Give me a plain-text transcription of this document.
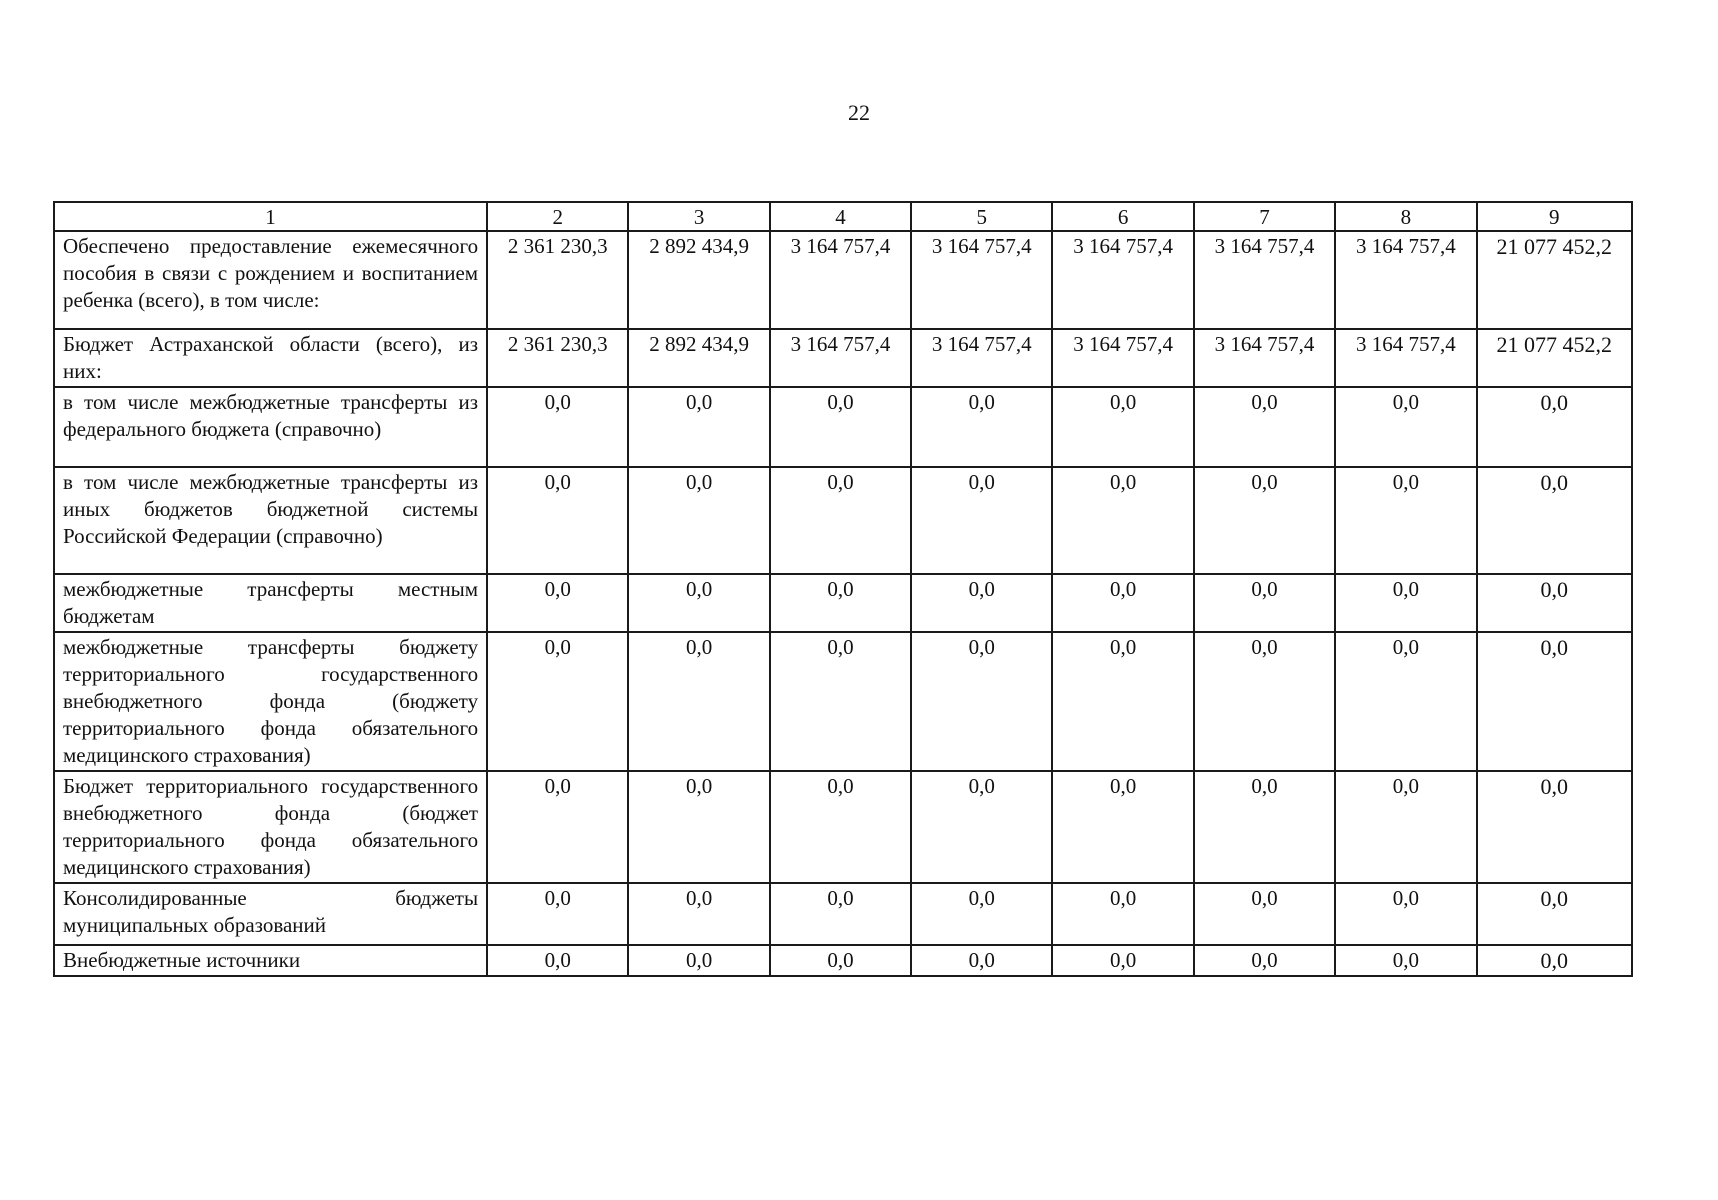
22
1	2	3	4	5	6	7	8	9
Обеспечено предоставление ежемесячного пособия в связи с рождением и воспитанием ребенка (всего), в том числе:	2 361 230,3	2 892 434,9	3 164 757,4	3 164 757,4	3 164 757,4	3 164 757,4	3 164 757,4	21 077 452,2
Бюджет Астраханской области (всего), из них:	2 361 230,3	2 892 434,9	3 164 757,4	3 164 757,4	3 164 757,4	3 164 757,4	3 164 757,4	21 077 452,2
в том числе межбюджетные трансферты из федерального бюджета (справочно)	0,0	0,0	0,0	0,0	0,0	0,0	0,0	0,0
в том числе межбюджетные трансферты из иных бюджетов бюджетной системы Российской Федерации (справочно)	0,0	0,0	0,0	0,0	0,0	0,0	0,0	0,0
межбюджетные трансферты местным бюджетам	0,0	0,0	0,0	0,0	0,0	0,0	0,0	0,0
межбюджетные трансферты бюджету территориального государственного внебюджетного фонда (бюджету территориального фонда обязательного медицинского страхования)	0,0	0,0	0,0	0,0	0,0	0,0	0,0	0,0
Бюджет территориального государственного внебюджетного фонда (бюджет территориального фонда обязательного медицинского страхования)	0,0	0,0	0,0	0,0	0,0	0,0	0,0	0,0
Консолидированные бюджеты муниципальных образований	0,0	0,0	0,0	0,0	0,0	0,0	0,0	0,0
Внебюджетные источники	0,0	0,0	0,0	0,0	0,0	0,0	0,0	0,0
